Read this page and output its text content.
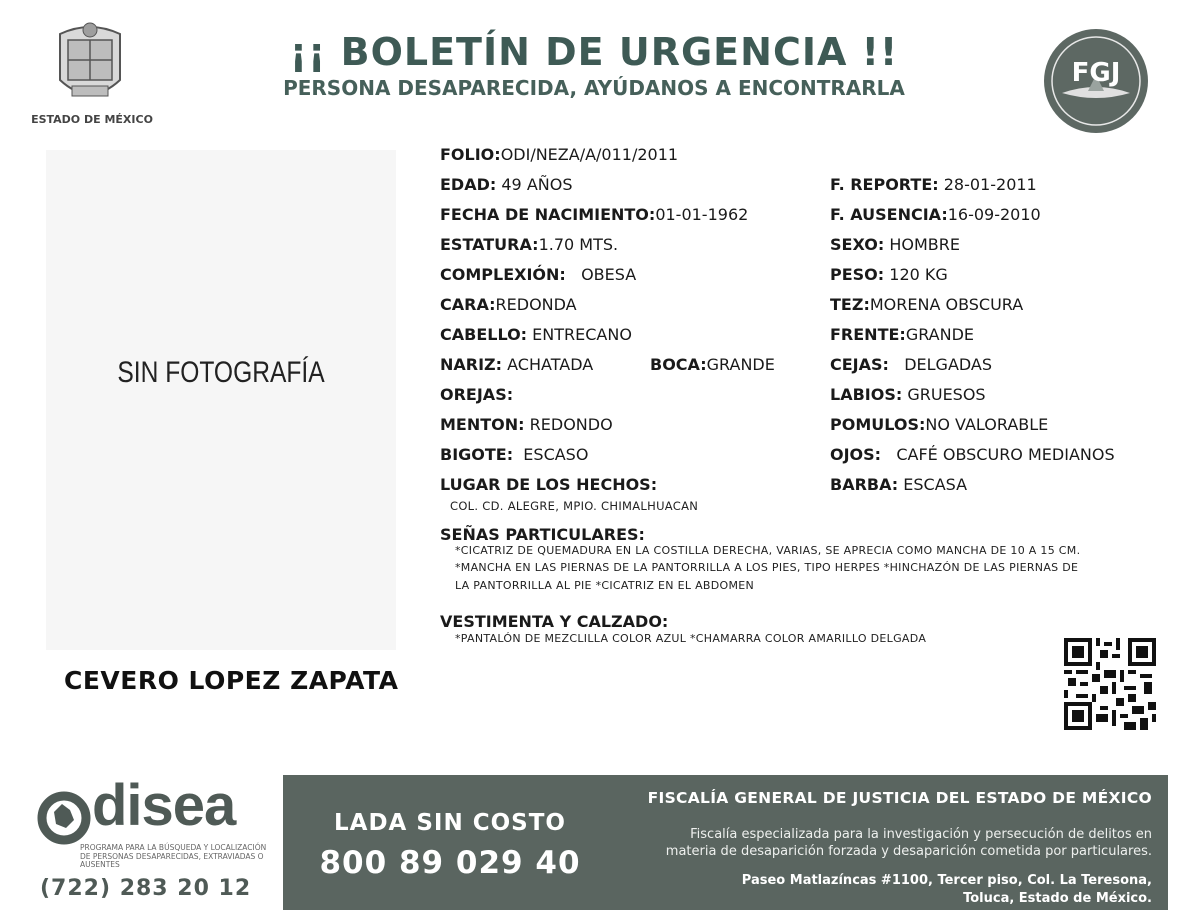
ESTADO DE MÉXICO
¡¡ BOLETÍN DE URGENCIA !!
PERSONA DESAPARECIDA, AYÚDANOS A ENCONTRARLA	FGJ
SIN FOTOGRAFÍA
CEVERO LOPEZ ZAPATA
FOLIO:ODI/NEZA/A/011/2011
EDAD: 49 AÑOS
FECHA DE NACIMIENTO:01-01-1962
ESTATURA:1.70 MTS.
COMPLEXIÓN: OBESA
CARA:REDONDA
CABELLO: ENTRECANO
NARIZ: ACHATADA	BOCA:GRANDE
OREJAS:
MENTON: REDONDO
BIGOTE: ESCASO
LUGAR DE LOS HECHOS:
COL. CD. ALEGRE, MPIO. CHIMALHUACAN
F. REPORTE: 28-01-2011
F. AUSENCIA:16-09-2010
SEXO: HOMBRE
PESO: 120 KG
TEZ:MORENA OBSCURA
FRENTE:GRANDE
CEJAS: DELGADAS
LABIOS: GRUESOS
POMULOS:NO VALORABLE
OJOS: CAFÉ OBSCURO MEDIANOS
BARBA: ESCASA
SEÑAS PARTICULARES:
*CICATRIZ DE QUEMADURA EN LA COSTILLA DERECHA, VARIAS, SE APRECIA COMO MANCHA DE 10 A 15 CM.
*MANCHA EN LAS PIERNAS DE LA PANTORRILLA A LOS PIES, TIPO HERPES *HINCHAZÓN DE LAS PIERNAS DE
LA PANTORRILLA AL PIE *CICATRIZ EN EL ABDOMEN
VESTIMENTA Y CALZADO:
*PANTALÓN DE MEZCLILLA COLOR AZUL *CHAMARRA COLOR AMARILLO DELGADA
disea
PROGRAMA PARA LA BÚSQUEDA Y LOCALIZACIÓN DE PERSONAS DESAPARECIDAS, EXTRAVIADAS O AUSENTES
(722) 283 20 12
LADA SIN COSTO
800 89 029 40
FISCALÍA GENERAL DE JUSTICIA DEL ESTADO DE MÉXICO
Fiscalía especializada para la investigación y persecución de delitos en
materia de desaparición forzada y desaparición cometida por particulares.
Paseo Matlazíncas #1100, Tercer piso, Col. La Teresona,
Toluca, Estado de México.
